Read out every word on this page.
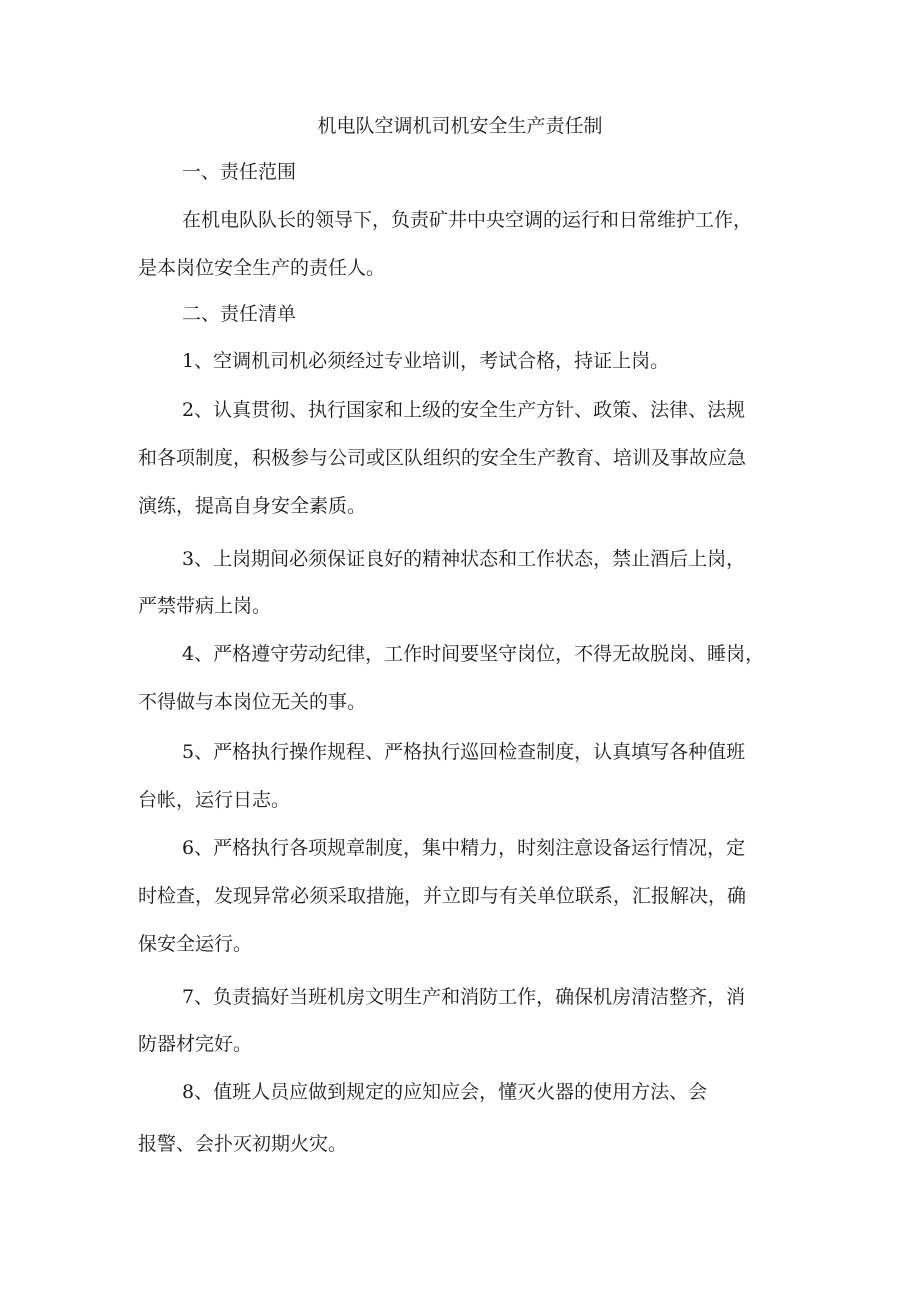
机电队空调机司机安全生产责任制
一、责任范围
在机电队队长的领导下，负责矿井中央空调的运行和日常维护工作，
是本岗位安全生产的责任人。
二、责任清单
1、空调机司机必须经过专业培训，考试合格，持证上岗。
2、认真贯彻、执行国家和上级的安全生产方针、政策、法律、法规
和各项制度，积极参与公司或区队组织的安全生产教育、培训及事故应急
演练，提高自身安全素质。
3、上岗期间必须保证良好的精神状态和工作状态，禁止酒后上岗，
严禁带病上岗。
4、严格遵守劳动纪律，工作时间要坚守岗位，不得无故脱岗、睡岗，
不得做与本岗位无关的事。
5、严格执行操作规程、严格执行巡回检查制度，认真填写各种值班
台帐，运行日志。
6、严格执行各项规章制度，集中精力，时刻注意设备运行情况，定
时检查，发现异常必须采取措施，并立即与有关单位联系，汇报解决，确
保安全运行。
7、负责搞好当班机房文明生产和消防工作，确保机房清洁整齐，消
防器材完好。
8、值班人员应做到规定的应知应会，懂灭火器的使用方法、会
报警、会扑灭初期火灾。
